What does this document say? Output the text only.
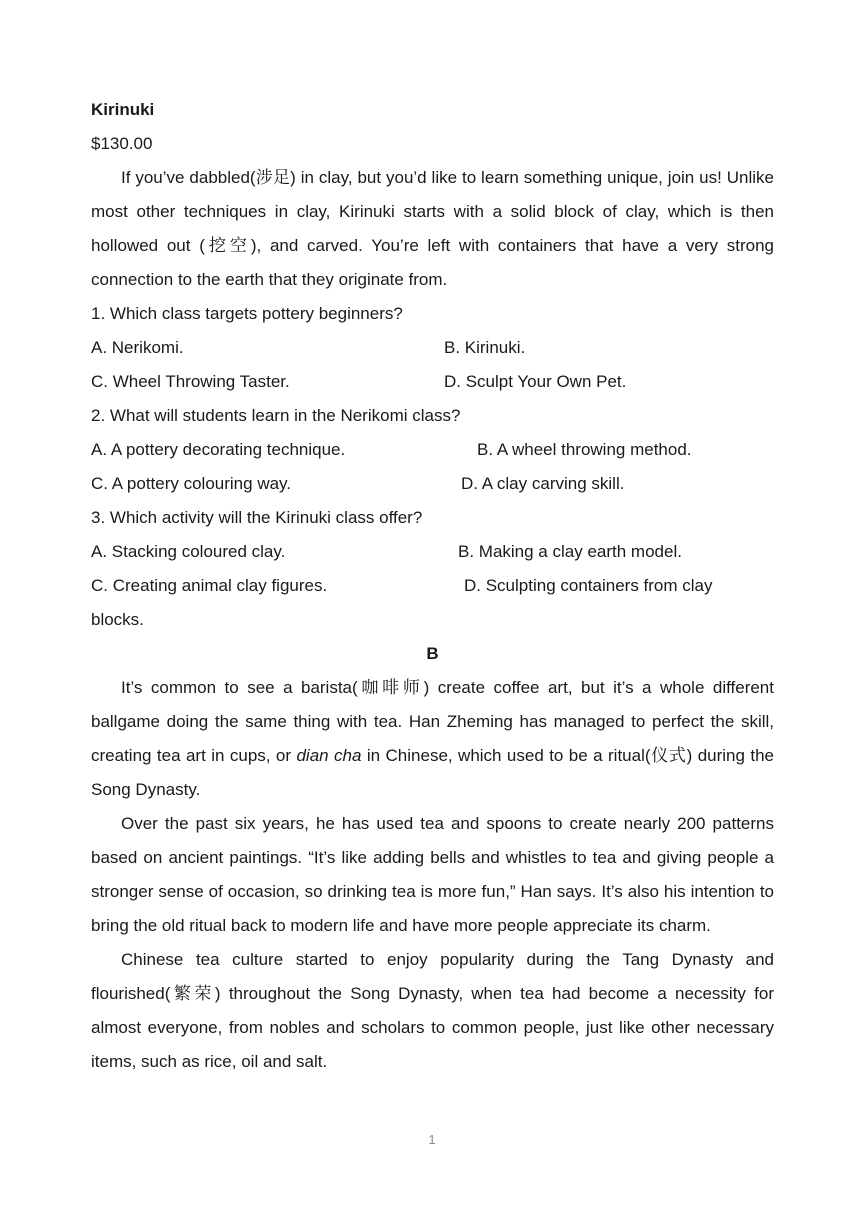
Kirinuki
$130.00

If you’ve dabbled(涉足) in clay, but you’d like to learn something unique, join us! Unlike most other techniques in clay, Kirinuki starts with a solid block of clay, which is then hollowed out (挖空), and carved. You’re left with containers that have a very strong connection to the earth that they originate from.

1. Which class targets pottery beginners?
A. Nerikomi.	B. Kirinuki.
C. Wheel Throwing Taster.	D. Sculpt Your Own Pet.
2. What will students learn in the Nerikomi class?
A. A pottery decorating technique.	B. A wheel throwing method.
C. A pottery colouring way.	D. A clay carving skill.
3. Which activity will the Kirinuki class offer?
A. Stacking coloured clay.	B. Making a clay earth model.
C. Creating animal clay figures.	D. Sculpting containers from clay
blocks.
B

It’s common to see a barista(咖啡师) create coffee art, but it’s a whole different ballgame doing the same thing with tea. Han Zheming has managed to perfect the skill, creating tea art in cups, or dian cha in Chinese, which used to be a ritual(仪式) during the Song Dynasty.

Over the past six years, he has used tea and spoons to create nearly 200 patterns based on ancient paintings. “It’s like adding bells and whistles to tea and giving people a stronger sense of occasion, so drinking tea is more fun,” Han says. It’s also his intention to bring the old ritual back to modern life and have more people appreciate its charm.

Chinese tea culture started to enjoy popularity during the Tang Dynasty and flourished(繁荣) throughout the Song Dynasty, when tea had become a necessity for almost everyone, from nobles and scholars to common people, just like other necessary items, such as rice, oil and salt.

1
